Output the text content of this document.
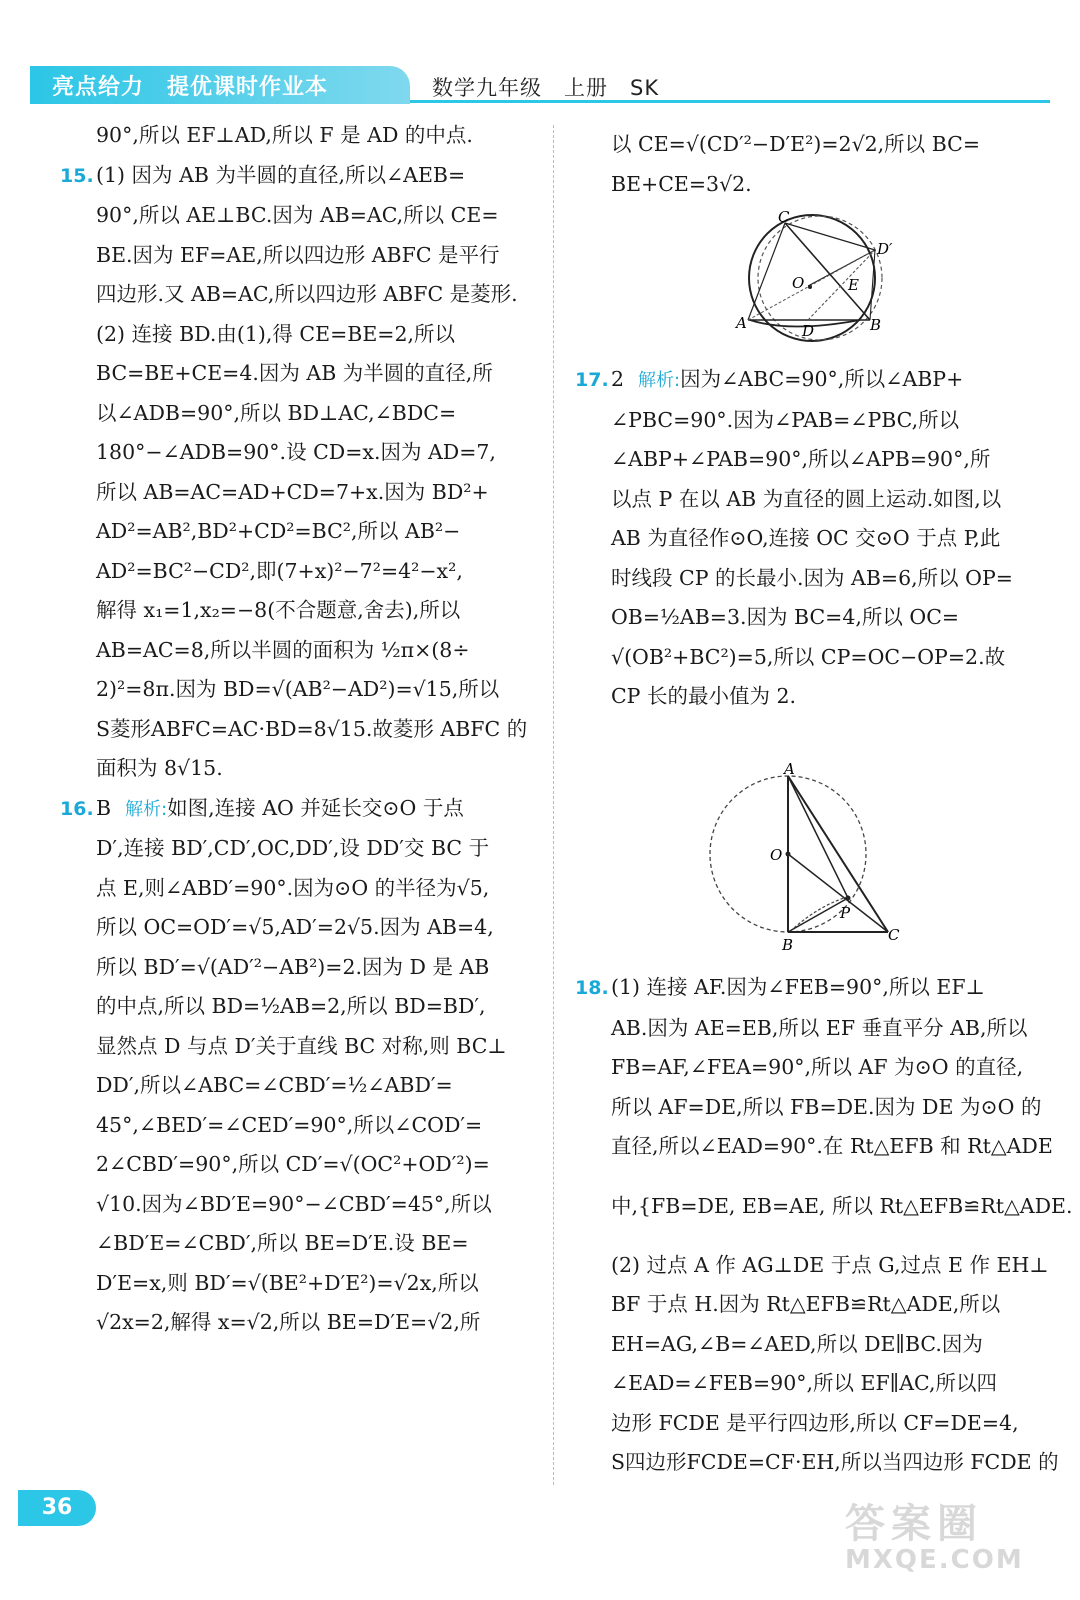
亮点给力　提优课时作业本	数学九年级　上册　SK

90°,所以 EF⊥AD,所以 F 是 AD 的中点.

15. (1) 因为 AB 为半圆的直径,所以∠AEB=

90°,所以 AE⊥BC.因为 AB=AC,所以 CE=

BE.因为 EF=AE,所以四边形 ABFC 是平行

四边形.又 AB=AC,所以四边形 ABFC 是菱形.

(2) 连接 BD.由(1),得 CE=BE=2,所以

BC=BE+CE=4.因为 AB 为半圆的直径,所

以∠ADB=90°,所以 BD⊥AC,∠BDC=

180°−∠ADB=90°.设 CD=x.因为 AD=7,

所以 AB=AC=AD+CD=7+x.因为 BD²+

AD²=AB²,BD²+CD²=BC²,所以 AB²−

AD²=BC²−CD²,即(7+x)²−7²=4²−x²,

解得 x₁=1,x₂=−8(不合题意,舍去),所以

AB=AC=8,所以半圆的面积为 ½π×(8÷

2)²=8π.因为 BD=√(AB²−AD²)=√15,所以

S菱形ABFC=AC·BD=8√15.故菱形 ABFC 的

面积为 8√15.

16. B 解析:如图,连接 AO 并延长交⊙O 于点

D′,连接 BD′,CD′,OC,DD′,设 DD′交 BC 于

点 E,则∠ABD′=90°.因为⊙O 的半径为√5,

所以 OC=OD′=√5,AD′=2√5.因为 AB=4,

所以 BD′=√(AD′²−AB²)=2.因为 D 是 AB

的中点,所以 BD=½AB=2,所以 BD=BD′,

显然点 D 与点 D′关于直线 BC 对称,则 BC⊥

DD′,所以∠ABC=∠CBD′=½∠ABD′=

45°,∠BED′=∠CED′=90°,所以∠COD′=

2∠CBD′=90°,所以 CD′=√(OC²+OD′²)=

√10.因为∠BD′E=90°−∠CBD′=45°,所以

∠BD′E=∠CBD′,所以 BE=D′E.设 BE=

D′E=x,则 BD′=√(BE²+D′E²)=√2x,所以

√2x=2,解得 x=√2,所以 BE=D′E=√2,所

以 CE=√(CD′²−D′E²)=2√2,所以 BC=

BE+CE=3√2.

C
D′
O	E
A	D	B

17. 2 解析:因为∠ABC=90°,所以∠ABP+

∠PBC=90°.因为∠PAB=∠PBC,所以

∠ABP+∠PAB=90°,所以∠APB=90°,所

以点 P 在以 AB 为直径的圆上运动.如图,以

AB 为直径作⊙O,连接 OC 交⊙O 于点 P,此

时线段 CP 的长最小.因为 AB=6,所以 OP=

OB=½AB=3.因为 BC=4,所以 OC=

√(OB²+BC²)=5,所以 CP=OC−OP=2.故

CP 长的最小值为 2.

A
O
P
B
C

18. (1) 连接 AF.因为∠FEB=90°,所以 EF⊥

AB.因为 AE=EB,所以 EF 垂直平分 AB,所以

FB=AF,∠FEA=90°,所以 AF 为⊙O 的直径,

所以 AF=DE,所以 FB=DE.因为 DE 为⊙O 的

直径,所以∠EAD=90°.在 Rt△EFB 和 Rt△ADE

中,{FB=DE, EB=AE, 所以 Rt△EFB≌Rt△ADE.

(2) 过点 A 作 AG⊥DE 于点 G,过点 E 作 EH⊥

BF 于点 H.因为 Rt△EFB≌Rt△ADE,所以

EH=AG,∠B=∠AED,所以 DE∥BC.因为

∠EAD=∠FEB=90°,所以 EF∥AC,所以四

边形 FCDE 是平行四边形,所以 CF=DE=4,

S四边形FCDE=CF·EH,所以当四边形 FCDE 的

36	答案圈
MXQE.COM
